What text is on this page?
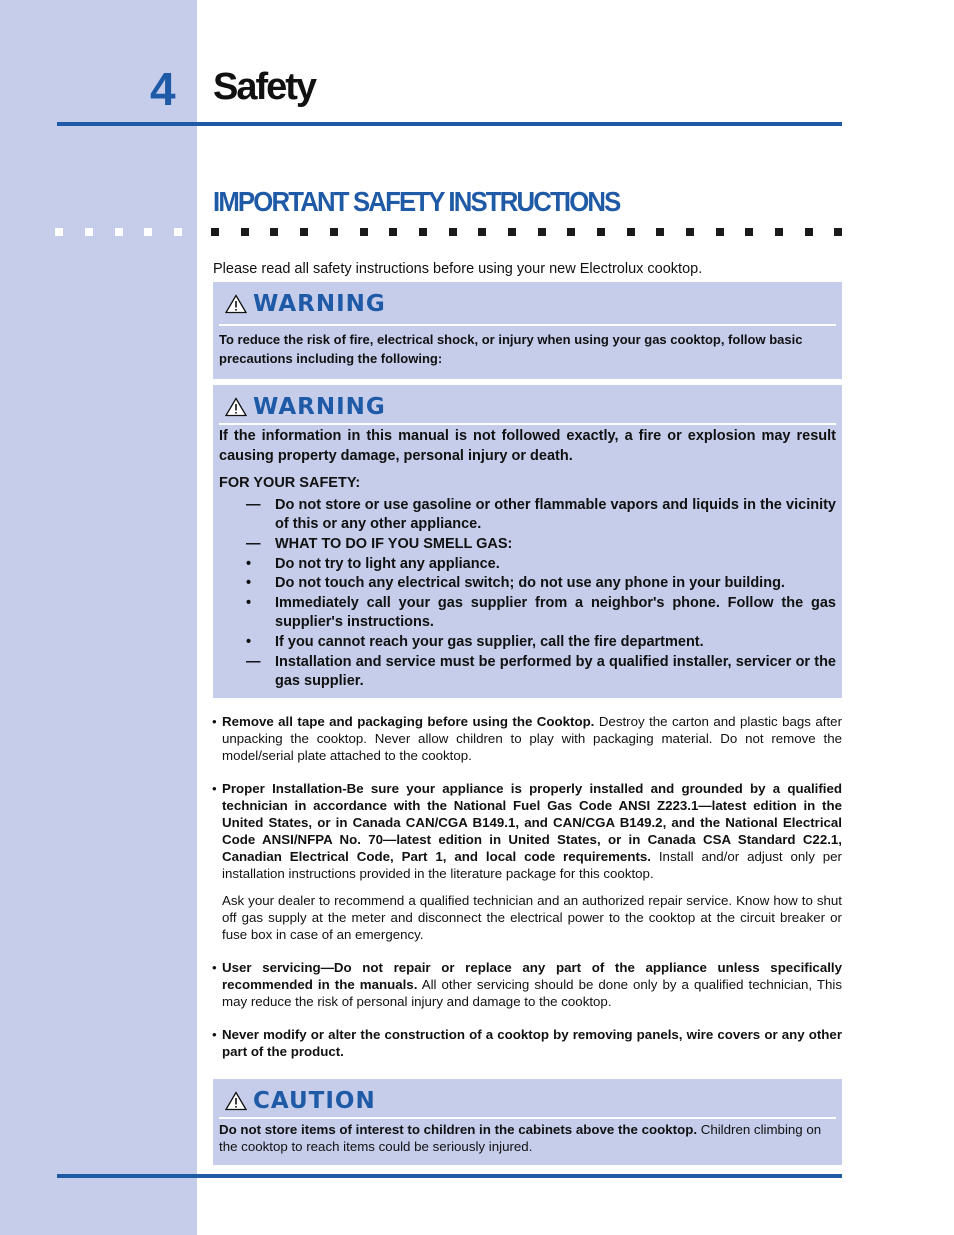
4	Safety
IMPORTANT SAFETY INSTRUCTIONS
Please read all safety instructions before using your new Electrolux cooktop.
WARNING
To reduce the risk of fire, electrical shock, or injury when using your gas cooktop, follow basic precautions including the following:
WARNING

If the information in this manual is not followed exactly, a fire or explosion may result causing property damage, personal injury or death.

FOR YOUR SAFETY:

— Do not store or use gasoline or other flammable vapors and liquids in the vicinity of this or any other appliance.
— WHAT TO DO IF YOU SMELL GAS:
• Do not try to light any appliance.
• Do not touch any electrical switch; do not use any phone in your building.
• Immediately call your gas supplier from a neighbor's phone. Follow the gas supplier's instructions.
• If you cannot reach your gas supplier, call the fire department.
— Installation and service must be performed by a qualified installer, servicer or the gas supplier.
• Remove all tape and packaging before using the Cooktop. Destroy the carton and plastic bags after unpacking the cooktop. Never allow children to play with packaging material. Do not remove the model/serial plate attached to the cooktop.
• Proper Installation-Be sure your appliance is properly installed and grounded by a qualified technician in accordance with the National Fuel Gas Code ANSI Z223.1—latest edition in the United States, or in Canada CAN/CGA B149.1, and CAN/CGA B149.2, and the National Electrical Code ANSI/NFPA No. 70—latest edition in United States, or in Canada CSA Standard C22.1, Canadian Electrical Code, Part 1, and local code requirements. Install and/or adjust only per installation instructions provided in the literature package for this cooktop.
Ask your dealer to recommend a qualified technician and an authorized repair service. Know how to shut off gas supply at the meter and disconnect the electrical power to the cooktop at the circuit breaker or fuse box in case of an emergency.
• User servicing—Do not repair or replace any part of the appliance unless specifically recommended in the manuals. All other servicing should be done only by a qualified technician, This may reduce the risk of personal injury and damage to the cooktop.
• Never modify or alter the construction of a cooktop by removing panels, wire covers or any other part of the product.
CAUTION
Do not store items of interest to children in the cabinets above the cooktop. Children climbing on the cooktop to reach items could be seriously injured.
